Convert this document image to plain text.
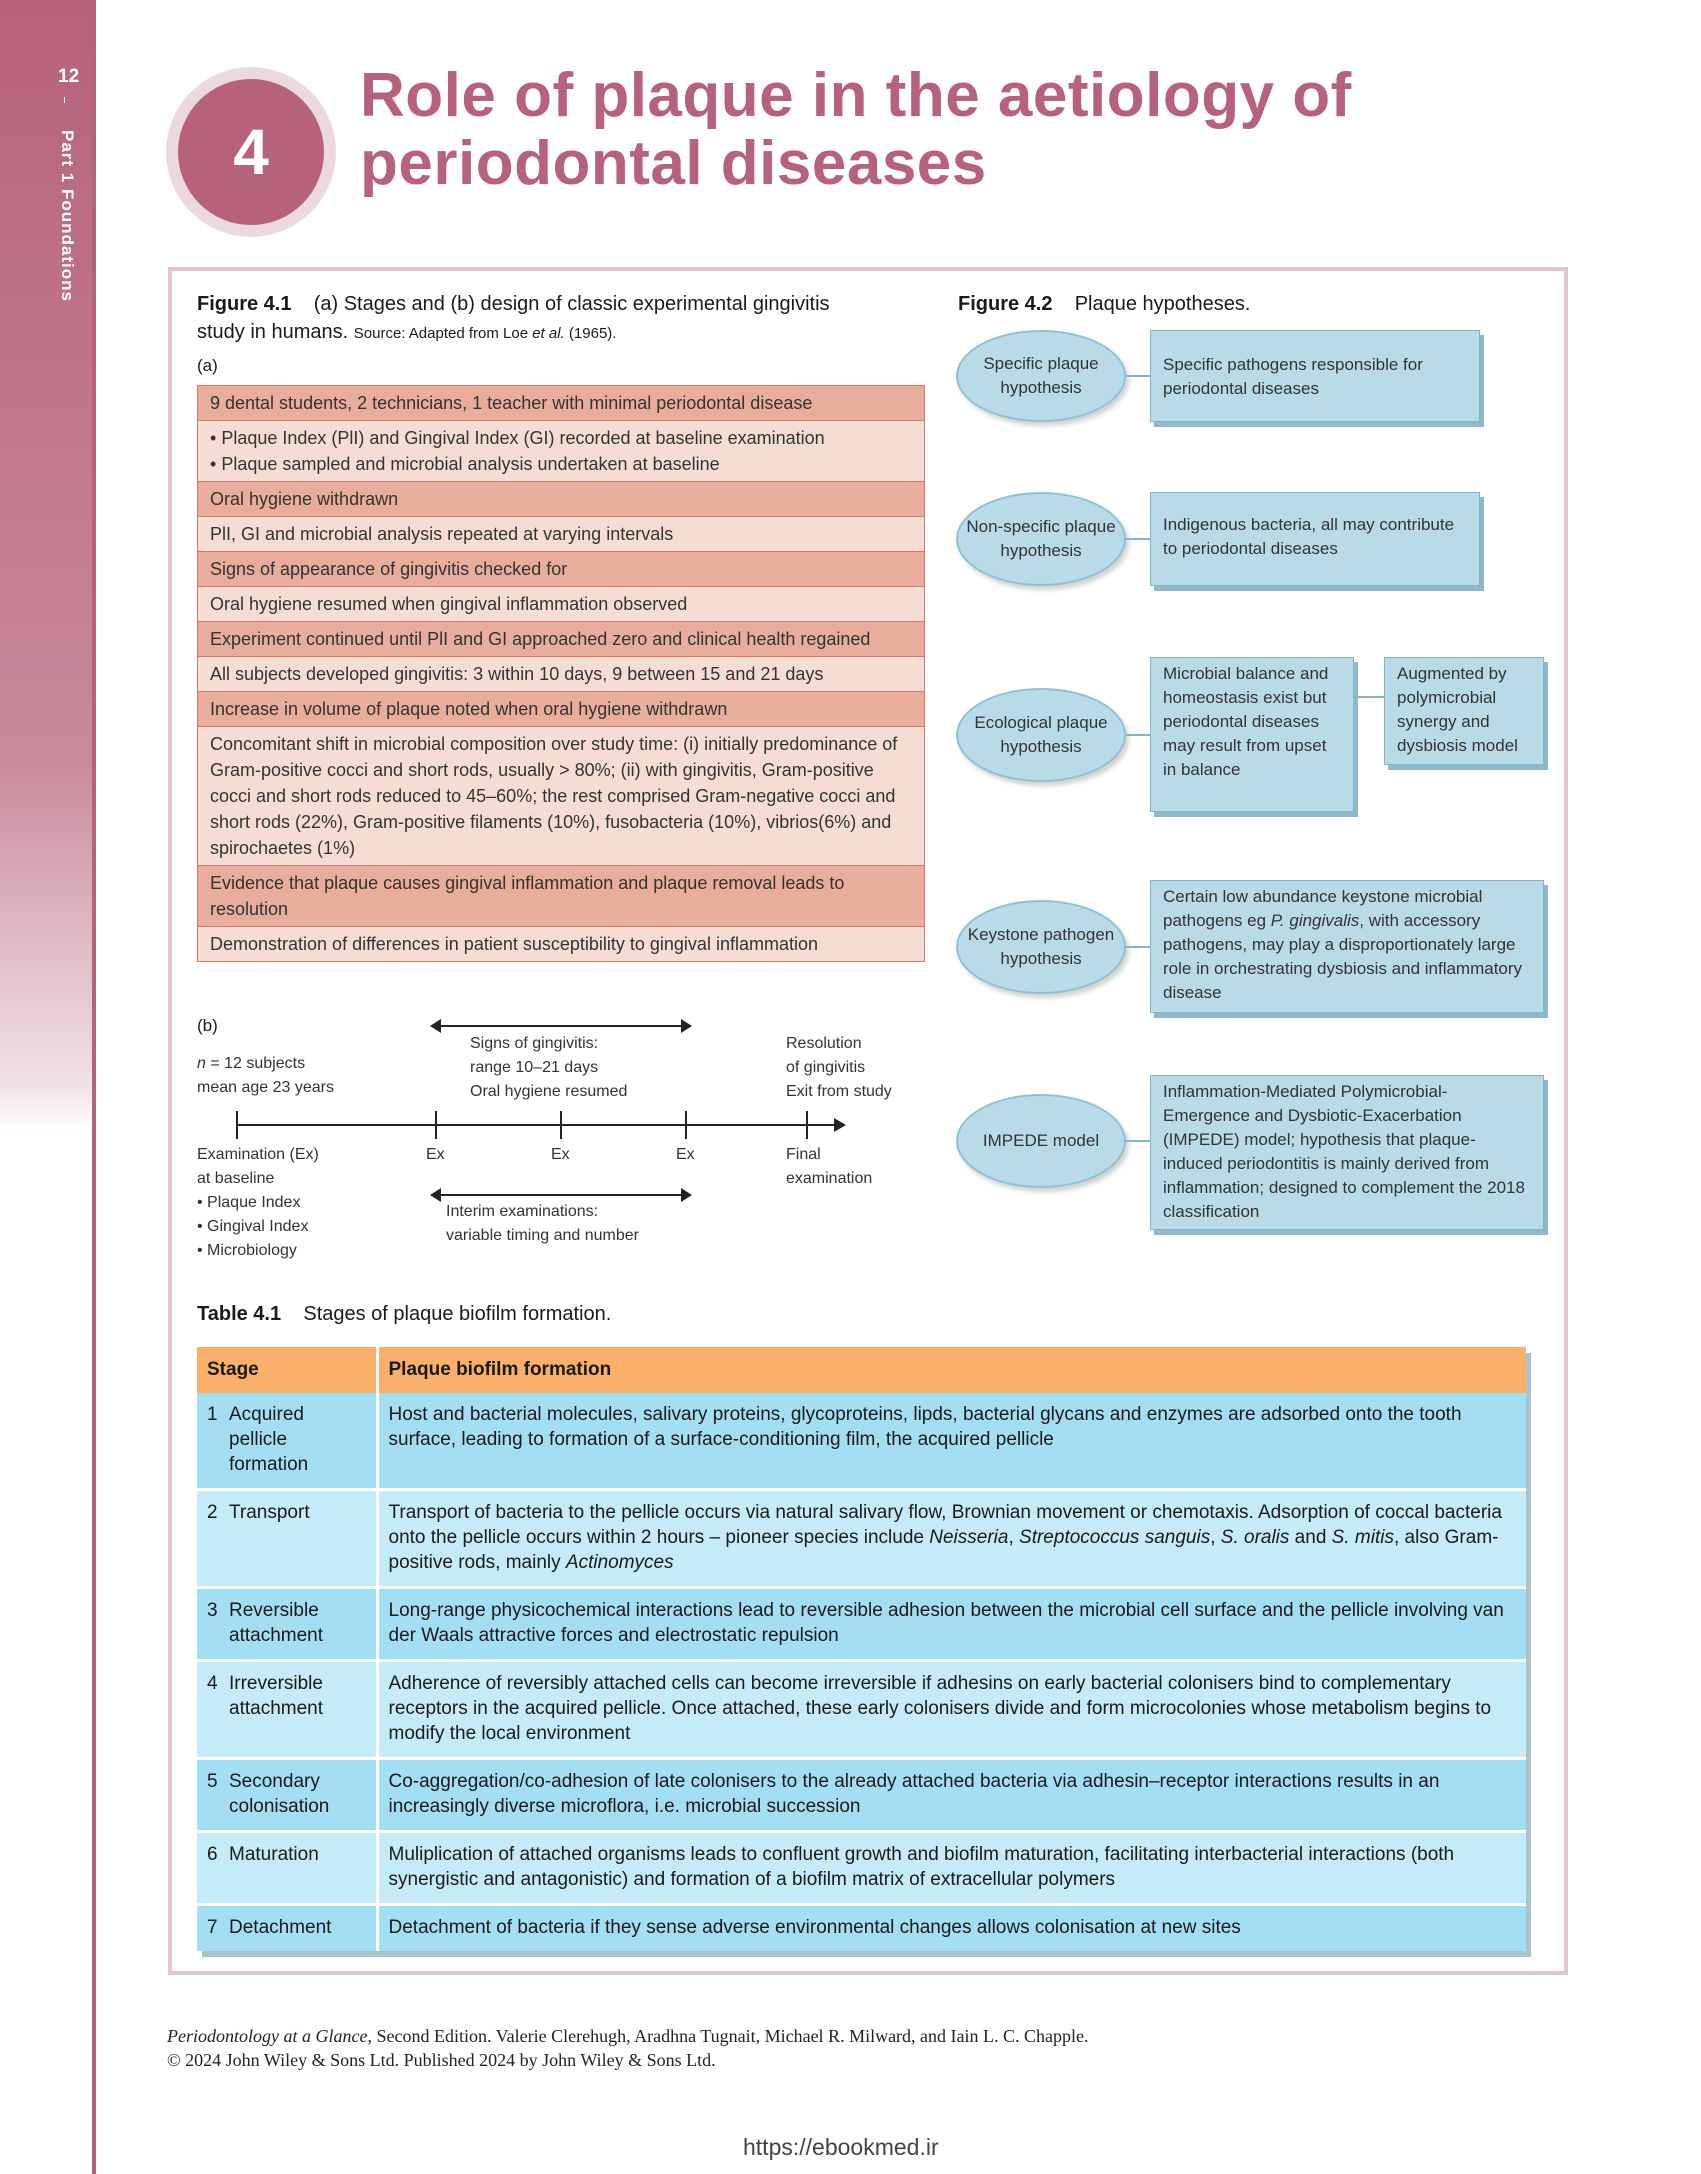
12
Part 1 Foundations	4
Role of plaque in the aetiology of periodontal diseases
Figure 4.1 (a) Stages and (b) design of classic experimental gingivitis study in humans. Source: Adapted from Loe et al. (1965).
(a)
9 dental students, 2 technicians, 1 teacher with minimal periodontal disease
• Plaque Index (PlI) and Gingival Index (GI) recorded at baseline examination
• Plaque sampled and microbial analysis undertaken at baseline
Oral hygiene withdrawn
PlI, GI and microbial analysis repeated at varying intervals
Signs of appearance of gingivitis checked for
Oral hygiene resumed when gingival inflammation observed
Experiment continued until PlI and GI approached zero and clinical health regained
All subjects developed gingivitis: 3 within 10 days, 9 between 15 and 21 days
Increase in volume of plaque noted when oral hygiene withdrawn
Concomitant shift in microbial composition over study time: (i) initially predominance of Gram-positive cocci and short rods, usually > 80%; (ii) with gingivitis, Gram-positive cocci and short rods reduced to 45–60%; the rest comprised Gram-negative cocci and short rods (22%), Gram-positive filaments (10%), fusobacteria (10%), vibrios(6%) and spirochaetes (1%)
Evidence that plaque causes gingival inflammation and plaque removal leads to resolution
Demonstration of differences in patient susceptibility to gingival inflammation
(b)
n = 12 subjects
mean age 23 years
Signs of gingivitis:
range 10–21 days
Oral hygiene resumed
Resolution
of gingivitis
Exit from study
Examination (Ex)
at baseline
• Plaque Index
• Gingival Index
• Microbiology
Ex	Ex	Ex	Final
examination
Interim examinations:
variable timing and number
Figure 4.2 Plaque hypotheses.
Specific plaque hypothesis
Specific pathogens responsible for periodontal diseases
Non-specific plaque hypothesis
Indigenous bacteria, all may contribute to periodontal diseases
Ecological plaque hypothesis
Microbial balance and homeostasis exist but periodontal diseases may result from upset in balance
Augmented by polymicrobial synergy and dysbiosis model
Keystone pathogen hypothesis
Certain low abundance keystone microbial pathogens eg P. gingivalis, with accessory pathogens, may play a disproportionately large role in orchestrating dysbiosis and inflammatory disease
IMPEDE model
Inflammation-Mediated Polymicrobial-Emergence and Dysbiotic-Exacerbation (IMPEDE) model; hypothesis that plaque-induced periodontitis is mainly derived from inflammation; designed to complement the 2018 classification
Table 4.1 Stages of plaque biofilm formation.
Stage	Plaque biofilm formation

1 Acquired pellicle formation	Host and bacterial molecules, salivary proteins, glycoproteins, lipds, bacterial glycans and enzymes are adsorbed onto the tooth surface, leading to formation of a surface-conditioning film, the acquired pellicle

2 Transport	Transport of bacteria to the pellicle occurs via natural salivary flow, Brownian movement or chemotaxis. Adsorption of coccal bacteria onto the pellicle occurs within 2 hours – pioneer species include Neisseria, Streptococcus sanguis, S. oralis and S. mitis, also Gram-positive rods, mainly Actinomyces

3 Reversible attachment	Long-range physicochemical interactions lead to reversible adhesion between the microbial cell surface and the pellicle involving van der Waals attractive forces and electrostatic repulsion

4 Irreversible attachment	Adherence of reversibly attached cells can become irreversible if adhesins on early bacterial colonisers bind to complementary receptors in the acquired pellicle. Once attached, these early colonisers divide and form microcolonies whose metabolism begins to modify the local environment

5 Secondary colonisation	Co-aggregation/co-adhesion of late colonisers to the already attached bacteria via adhesin–receptor interactions results in an increasingly diverse microflora, i.e. microbial succession

6 Maturation	Muliplication of attached organisms leads to confluent growth and biofilm maturation, facilitating interbacterial interactions (both synergistic and antagonistic) and formation of a biofilm matrix of extracellular polymers

7 Detachment	Detachment of bacteria if they sense adverse environmental changes allows colonisation at new sites
Periodontology at a Glance, Second Edition. Valerie Clerehugh, Aradhna Tugnait, Michael R. Milward, and Iain L. C. Chapple.
© 2024 John Wiley & Sons Ltd. Published 2024 by John Wiley & Sons Ltd.
https://ebookmed.ir
